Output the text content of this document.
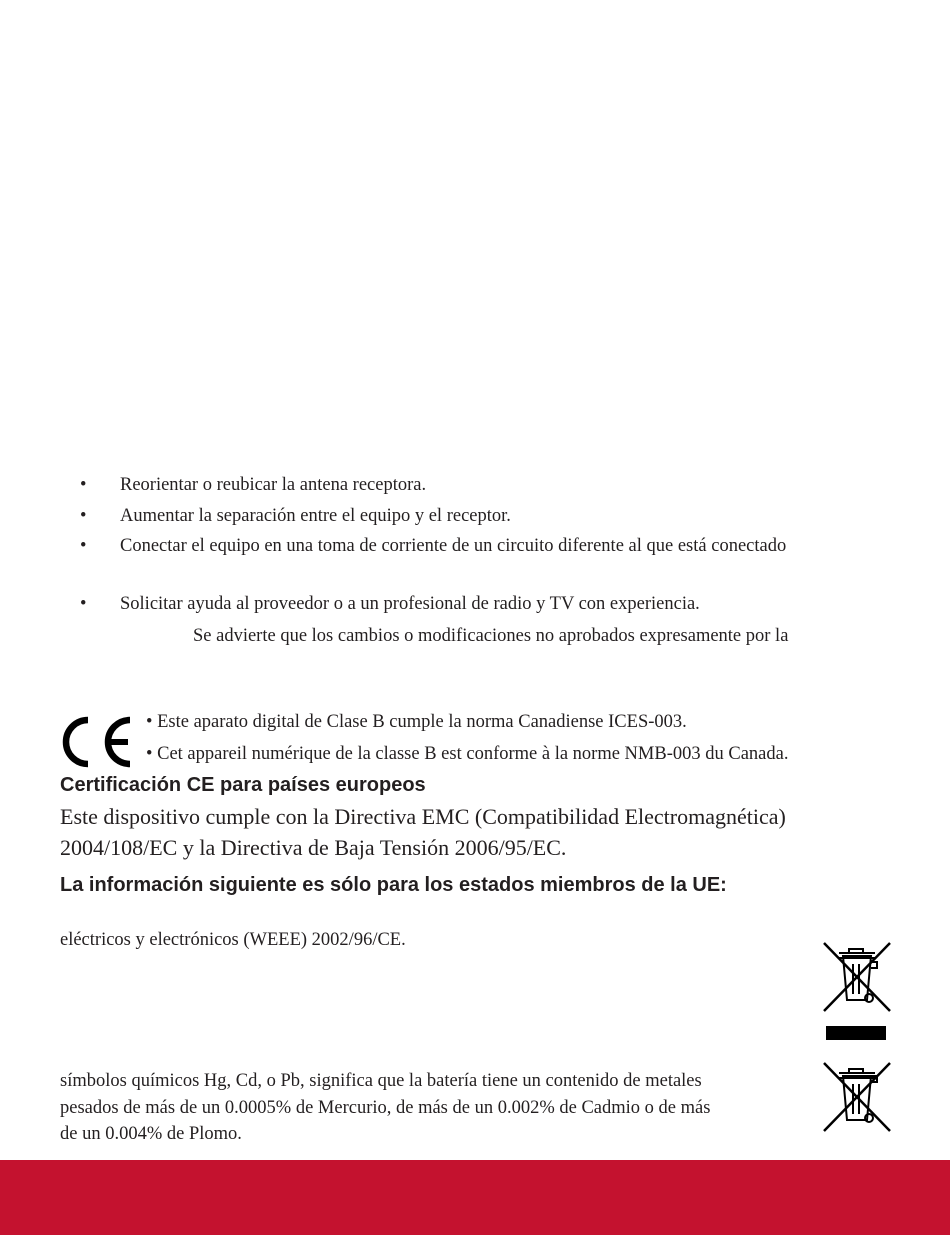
•	Reorientar o reubicar la antena receptora.
•	Aumentar la separación entre el equipo y el receptor.
•	Conectar el equipo en una toma de corriente de un circuito diferente al que está conectado
•	Solicitar ayuda al proveedor o a un profesional de radio y TV con experiencia.
Se advierte que los cambios o modificaciones no aprobados expresamente por la
• Este aparato digital de Clase B cumple la norma Canadiense ICES-003.
• Cet appareil numérique de la classe B est conforme à la norme NMB-003 du Canada.
Certificación CE para países europeos
Este dispositivo cumple con la Directiva EMC (Compatibilidad Electromagnética)
2004/108/EC y la Directiva de Baja Tensión 2006/95/EC.
La información siguiente es sólo para los estados miembros de la UE:
eléctricos y electrónicos (WEEE) 2002/96/CE.
símbolos químicos Hg, Cd, o Pb, significa que la batería tiene un contenido de metales
pesados de más de un 0.0005% de Mercurio, de más de un 0.002% de Cadmio o de más
de un 0.004% de Plomo.
